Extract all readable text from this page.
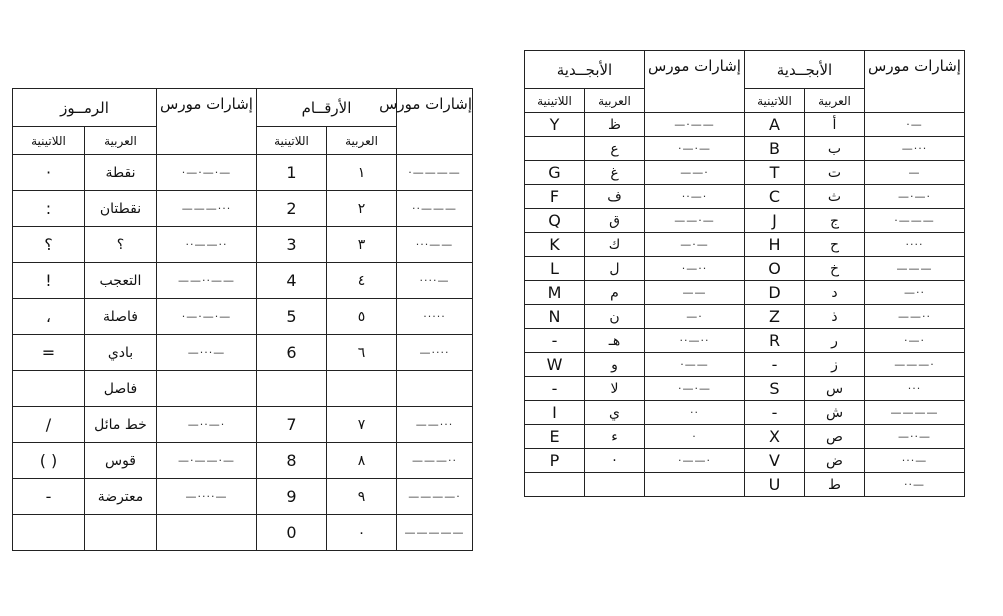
الرمــوز		إشارات مورس	الأرقــام		إشارات مورس
اللاتينية	العربية		اللاتينية	العربية	
·	نقطة	·—·—·—	1	١	·————
:	نقطتان	———···	2	٢	··———
؟	؟	··——··	3	٣	···——
!	التعجب	——··——	4	٤	····—
،	فاصلة	·—·—·—	5	٥	·····
=	بادي	—···—	6	٦	—····
	فاصل				
/	خط مائل	—··—·	7	٧	——···
( )	قوس	—·——·—	8	٨	———··
-	معترضة	—····—	9	٩	————·
			0	٠	—————
الأبجــدية		إشارات مورس	الأبجــدية		إشارات مورس
اللاتينية	العربية		اللاتينية	العربية	
Y	ظ	—·——	A	أ	·—
	ع	·—·—	B	ب	—···
G	غ	——·	T	ت	—
F	ف	··—·	C	ث	—·—·
Q	ق	——·—	J	ج	·———
K	ك	—·—	H	ح	····
L	ل	·—··	O	خ	———
M	م	——	D	د	—··
N	ن	—·	Z	ذ	——··
-	هـ	··—··	R	ر	·—·
W	و	·——	-	ز	———·
-	لا	·—·—	S	س	···
I	ي	··	-	ش	————
E	ء	·	X	ص	—··—
P	·	·——·	V	ض	···—
			U	ط	··—
